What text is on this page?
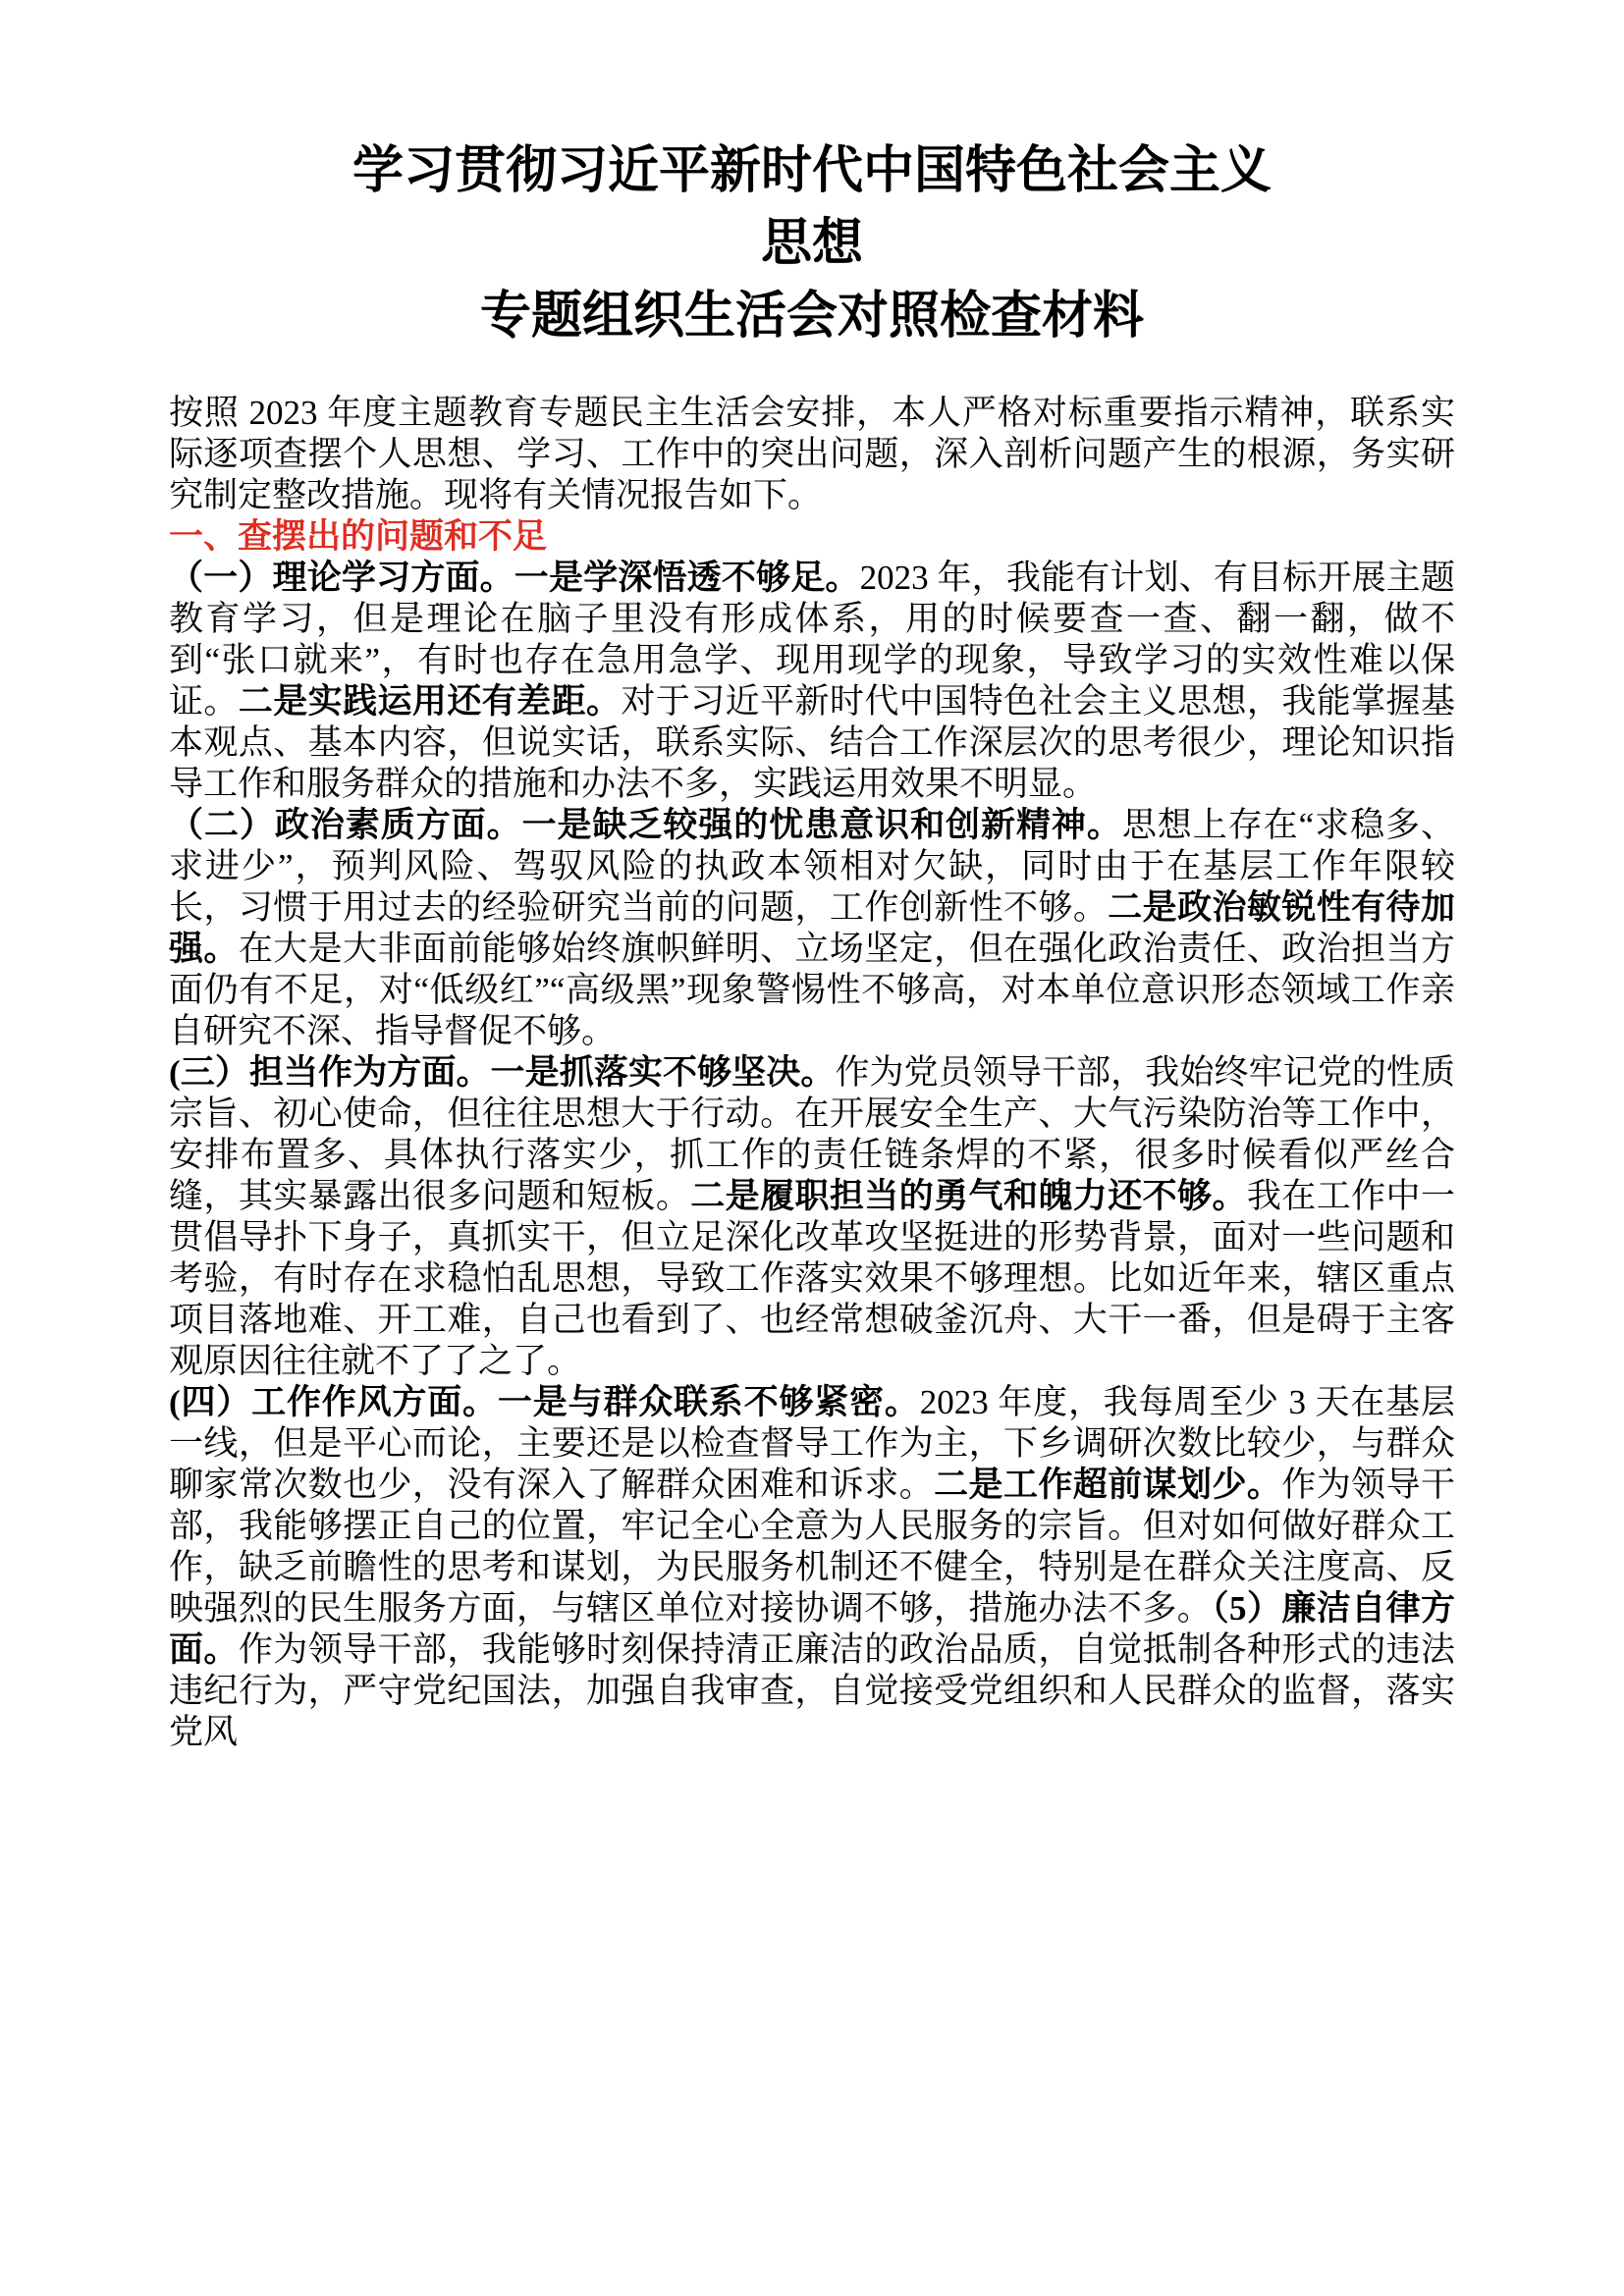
学习贯彻习近平新时代中国特色社会主义
思想
专题组织生活会对照检查材料

按照 2023 年度主题教育专题民主生活会安排，本人严格对标重要指示精神，联系实际逐项查摆个人思想、学习、工作中的突出问题，深入剖析问题产生的根源，务实研究制定整改措施。现将有关情况报告如下。

一、查摆出的问题和不足

（一）理论学习方面。一是学深悟透不够足。2023 年，我能有计划、有目标开展主题教育学习，但是理论在脑子里没有形成体系，用的时候要查一查、翻一翻，做不到“张口就来”，有时也存在急用急学、现用现学的现象，导致学习的实效性难以保证。二是实践运用还有差距。对于习近平新时代中国特色社会主义思想，我能掌握基本观点、基本内容，但说实话，联系实际、结合工作深层次的思考很少，理论知识指导工作和服务群众的措施和办法不多，实践运用效果不明显。

（二）政治素质方面。一是缺乏较强的忧患意识和创新精神。思想上存在“求稳多、求进少”，预判风险、驾驭风险的执政本领相对欠缺，同时由于在基层工作年限较长，习惯于用过去的经验研究当前的问题，工作创新性不够。二是政治敏锐性有待加强。在大是大非面前能够始终旗帜鲜明、立场坚定，但在强化政治责任、政治担当方面仍有不足，对“低级红”“高级黑”现象警惕性不够高，对本单位意识形态领域工作亲自研究不深、指导督促不够。

(三）担当作为方面。一是抓落实不够坚决。作为党员领导干部，我始终牢记党的性质宗旨、初心使命，但往往思想大于行动。在开展安全生产、大气污染防治等工作中，安排布置多、具体执行落实少，抓工作的责任链条焊的不紧，很多时候看似严丝合缝，其实暴露出很多问题和短板。二是履职担当的勇气和魄力还不够。我在工作中一贯倡导扑下身子，真抓实干，但立足深化改革攻坚挺进的形势背景，面对一些问题和考验，有时存在求稳怕乱思想，导致工作落实效果不够理想。比如近年来，辖区重点项目落地难、开工难，自己也看到了、也经常想破釜沉舟、大干一番，但是碍于主客观原因往往就不了了之了。

(四）工作作风方面。一是与群众联系不够紧密。2023 年度，我每周至少 3 天在基层一线，但是平心而论，主要还是以检查督导工作为主，下乡调研次数比较少，与群众聊家常次数也少，没有深入了解群众困难和诉求。二是工作超前谋划少。作为领导干部，我能够摆正自己的位置，牢记全心全意为人民服务的宗旨。但对如何做好群众工作，缺乏前瞻性的思考和谋划，为民服务机制还不健全，特别是在群众关注度高、反映强烈的民生服务方面，与辖区单位对接协调不够，措施办法不多。（5）廉洁自律方面。作为领导干部，我能够时刻保持清正廉洁的政治品质，自觉抵制各种形式的违法违纪行为，严守党纪国法，加强自我审查，自觉接受党组织和人民群众的监督，落实党风
